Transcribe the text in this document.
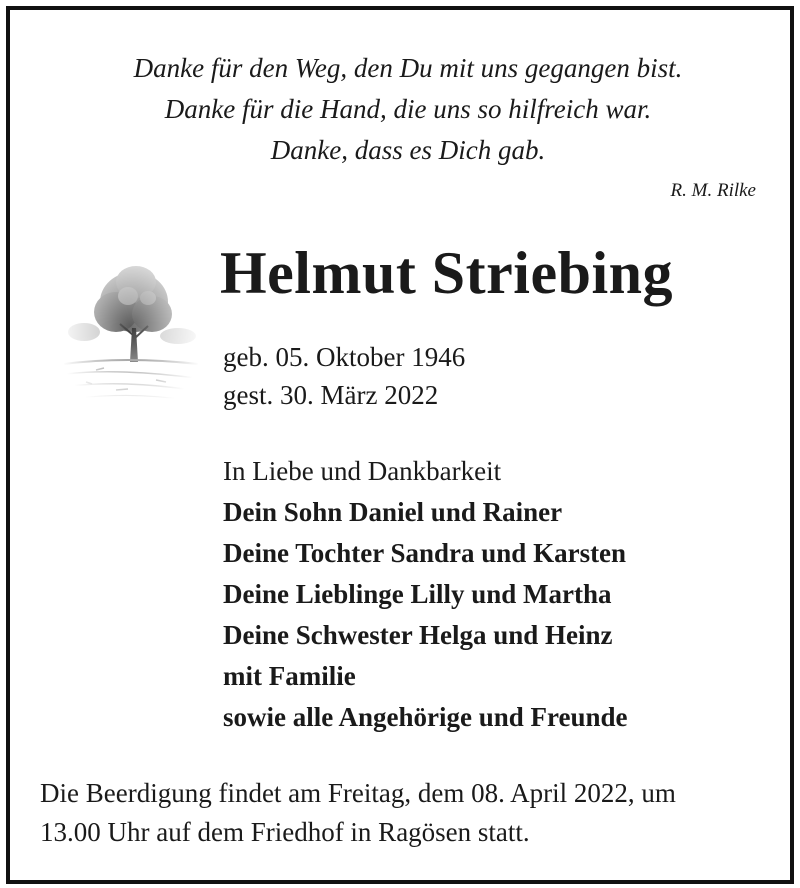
Danke für den Weg, den Du mit uns gegangen bist.
Danke für die Hand, die uns so hilfreich war.
Danke, dass es Dich gab.
R. M. Rilke
Helmut Striebing
geb. 05. Oktober 1946
gest. 30. März 2022
In Liebe und Dankbarkeit
Dein Sohn Daniel und Rainer
Deine Tochter Sandra und Karsten
Deine Lieblinge Lilly und Martha
Deine Schwester Helga und Heinz
mit Familie
sowie alle Angehörige und Freunde
Die Beerdigung findet am Freitag, dem 08. April 2022, um
13.00 Uhr auf dem Friedhof in Ragösen statt.
